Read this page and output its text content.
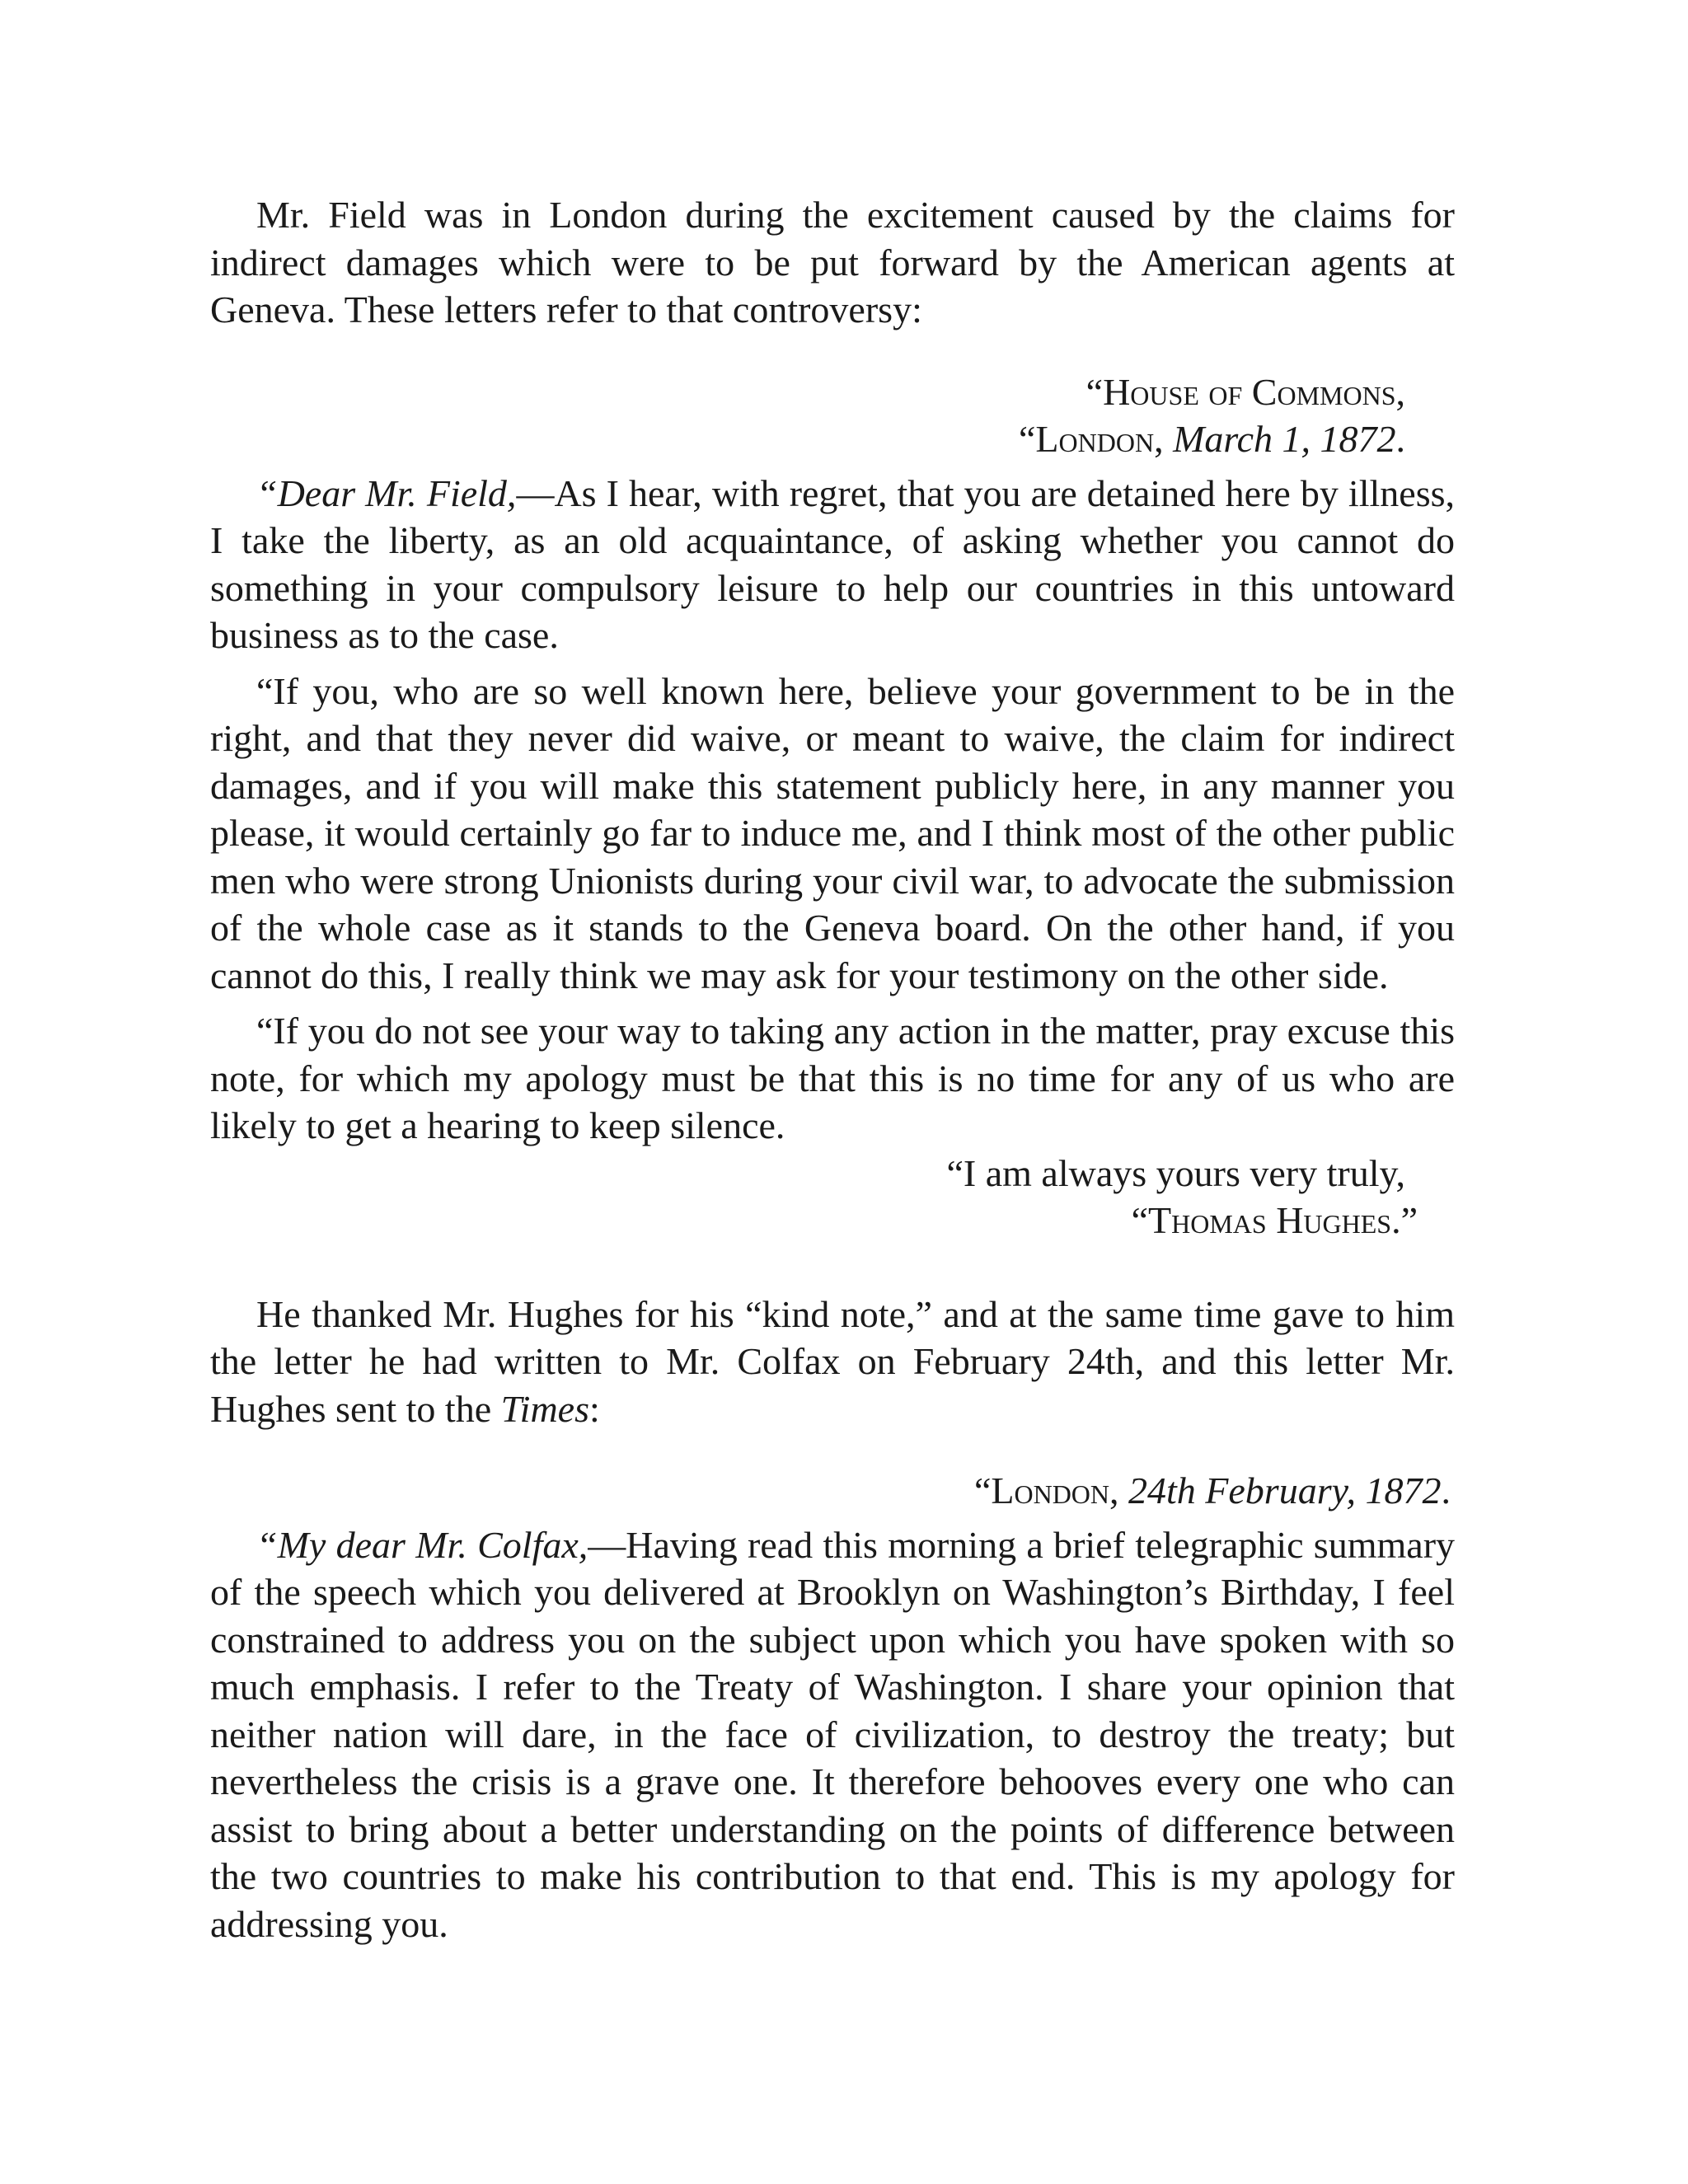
Mr. Field was in London during the excitement caused by the claims for indirect damages which were to be put forward by the American agents at Geneva. These letters refer to that controversy:

“House of Commons,

“London, March 1, 1872.

“Dear Mr. Field,—As I hear, with regret, that you are detained here by illness, I take the liberty, as an old acquaintance, of asking whether you cannot do something in your compulsory leisure to help our countries in this untoward business as to the case.

“If you, who are so well known here, believe your government to be in the right, and that they never did waive, or meant to waive, the claim for indirect damages, and if you will make this statement publicly here, in any manner you please, it would certainly go far to induce me, and I think most of the other public men who were strong Unionists during your civil war, to advocate the submission of the whole case as it stands to the Geneva board. On the other hand, if you cannot do this, I really think we may ask for your testimony on the other side.

“If you do not see your way to taking any action in the matter, pray excuse this note, for which my apology must be that this is no time for any of us who are likely to get a hearing to keep silence.

“I am always yours very truly,

“Thomas Hughes.”

He thanked Mr. Hughes for his “kind note,” and at the same time gave to him the letter he had written to Mr. Colfax on February 24th, and this letter Mr. Hughes sent to the Times:

“London, 24th February, 1872.

“My dear Mr. Colfax,—Having read this morning a brief telegraphic summary of the speech which you delivered at Brooklyn on Washington’s Birthday, I feel constrained to address you on the subject upon which you have spoken with so much emphasis. I refer to the Treaty of Washington. I share your opinion that neither nation will dare, in the face of civilization, to destroy the treaty; but nevertheless the crisis is a grave one. It therefore behooves every one who can assist to bring about a better understanding on the points of difference between the two countries to make his contribution to that end. This is my apology for addressing you.
